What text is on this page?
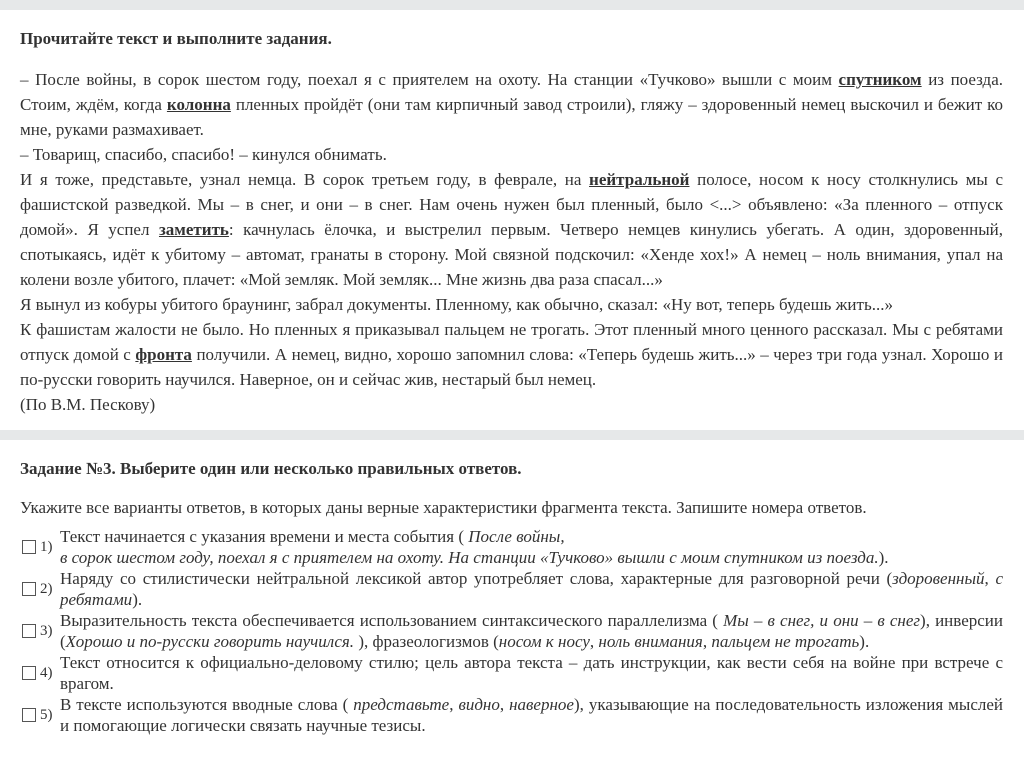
Прочитайте текст и выполните задания.

– После войны, в сорок шестом году, поехал я с приятелем на охоту. На станции «Тучково» вышли с моим спутником из поезда. Стоим, ждём, когда колонна пленных пройдёт (они там кирпичный завод строили), гляжу – здоровенный немец выскочил и бежит ко мне, руками размахивает.

– Товарищ, спасибо, спасибо! – кинулся обнимать.

И я тоже, представьте, узнал немца. В сорок третьем году, в феврале, на нейтральной полосе, носом к носу столкнулись мы с фашистской разведкой. Мы – в снег, и они – в снег. Нам очень нужен был пленный, было <...> объявлено: «За пленного – отпуск домой». Я успел заметить: качнулась ёлочка, и выстрелил первым. Четверо немцев кинулись убегать. А один, здоровенный, спотыкаясь, идёт к убитому – автомат, гранаты в сторону. Мой связной подскочил: «Хенде хох!» А немец – ноль внимания, упал на колени возле убитого, плачет: «Мой земляк. Мой земляк... Мне жизнь два раза спасал...»

Я вынул из кобуры убитого браунинг, забрал документы. Пленному, как обычно, сказал: «Ну вот, теперь будешь жить...»

К фашистам жалости не было. Но пленных я приказывал пальцем не трогать. Этот пленный много ценного рассказал. Мы с ребятами отпуск домой с фронта получили. А немец, видно, хорошо запомнил слова: «Теперь будешь жить...» – через три года узнал. Хорошо и по-русски говорить научился. Наверное, он и сейчас жив, нестарый был немец.

(По В.М. Пескову)

Задание №3. Выберите один или несколько правильных ответов.
Укажите все варианты ответов, в которых даны верные характеристики фрагмента текста. Запишите номера ответов.
1)
Текст начинается с указания времени и места события ( После войны,
в сорок шестом году, поехал я с приятелем на охоту. На станции «Тучково» вышли с моим спутником из поезда.).
2)
Наряду со стилистически нейтральной лексикой автор употребляет слова, характерные для разговорной речи (здоровенный, с ребятами).
3)
Выразительность текста обеспечивается использованием синтаксического параллелизма ( Мы – в снег, и они – в снег), инверсии (Хорошо и по-русски говорить научился. ), фразеологизмов (носом к носу, ноль внимания, пальцем не трогать).
4)
Текст относится к официально-деловому стилю; цель автора текста – дать инструкции, как вести себя на войне при встрече с врагом.
5)
В тексте используются вводные слова ( представьте, видно, наверное), указывающие на последовательность изложения мыслей и помогающие логически связать научные тезисы.
